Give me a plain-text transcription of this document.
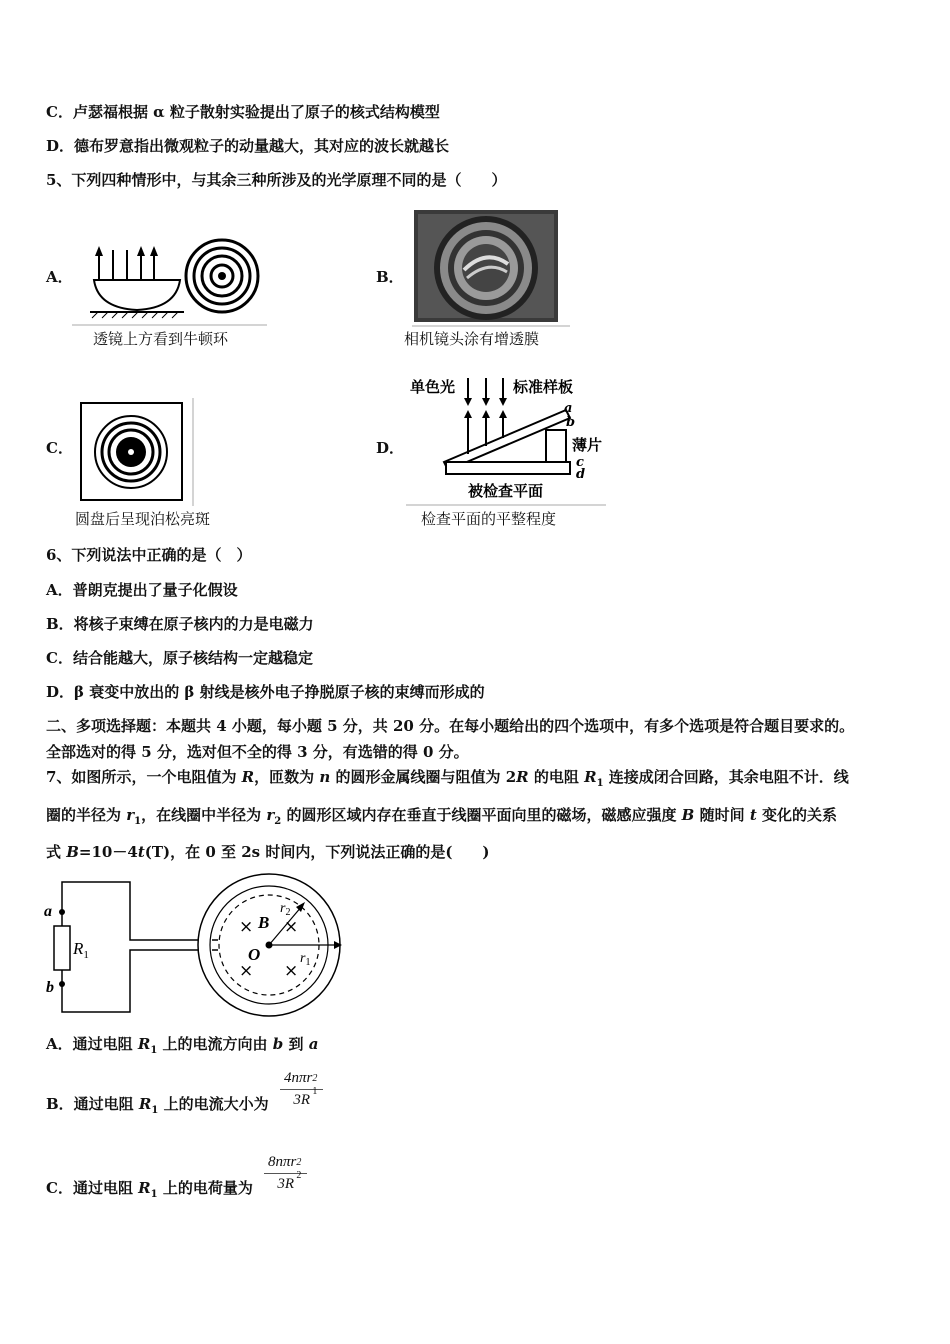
C．卢瑟福根据 α 粒子散射实验提出了原子的核式结构模型
D．德布罗意指出微观粒子的动量越大，其对应的波长就越长
5、下列四种情形中，与其余三种所涉及的光学原理不同的是（　　）
A．
透镜上方看到牛顿环
B．
相机镜头涂有增透膜
C．
圆盘后呈现泊松亮斑
D．
单色光	标准样板
a
b
薄片
c
d
被检查平面
检查平面的平整程度
6、下列说法中正确的是（　）
A．普朗克提出了量子化假设
B．将核子束缚在原子核内的力是电磁力
C．结合能越大，原子核结构一定越稳定
D．β 衰变中放出的 β 射线是核外电子挣脱原子核的束缚而形成的
二、多项选择题：本题共 4 小题，每小题 5 分，共 20 分。在每小题给出的四个选项中，有多个选项是符合题目要求的。
全部选对的得 5 分，选对但不全的得 3 分，有选错的得 0 分。
7、如图所示，一个电阻值为 R，匝数为 n 的圆形金属线圈与阻值为 2R 的电阻 $R_1$ 连接成闭合回路，其余电阻不计．线
圈的半径为 $r_1$，在线圈中半径为 $r_2$ 的圆形区域内存在垂直于线圈平面向里的磁场，磁感应强度 B 随时间 t 变化的关系
式 B=10－4t(T)，在 0 至 2s 时间内，下列说法正确的是(　　)
a
b
$R_1$
B
O
$r_2$
$r_1$
×
× ×
×
A．通过电阻 $R_1$ 上的电流方向由 b 到 a
B．通过电阻 $R_1$ 上的电流大小为
4nπr 2
1
3R
C．通过电阻 $R_1$ 上的电荷量为
8nπr 2
2
3R
